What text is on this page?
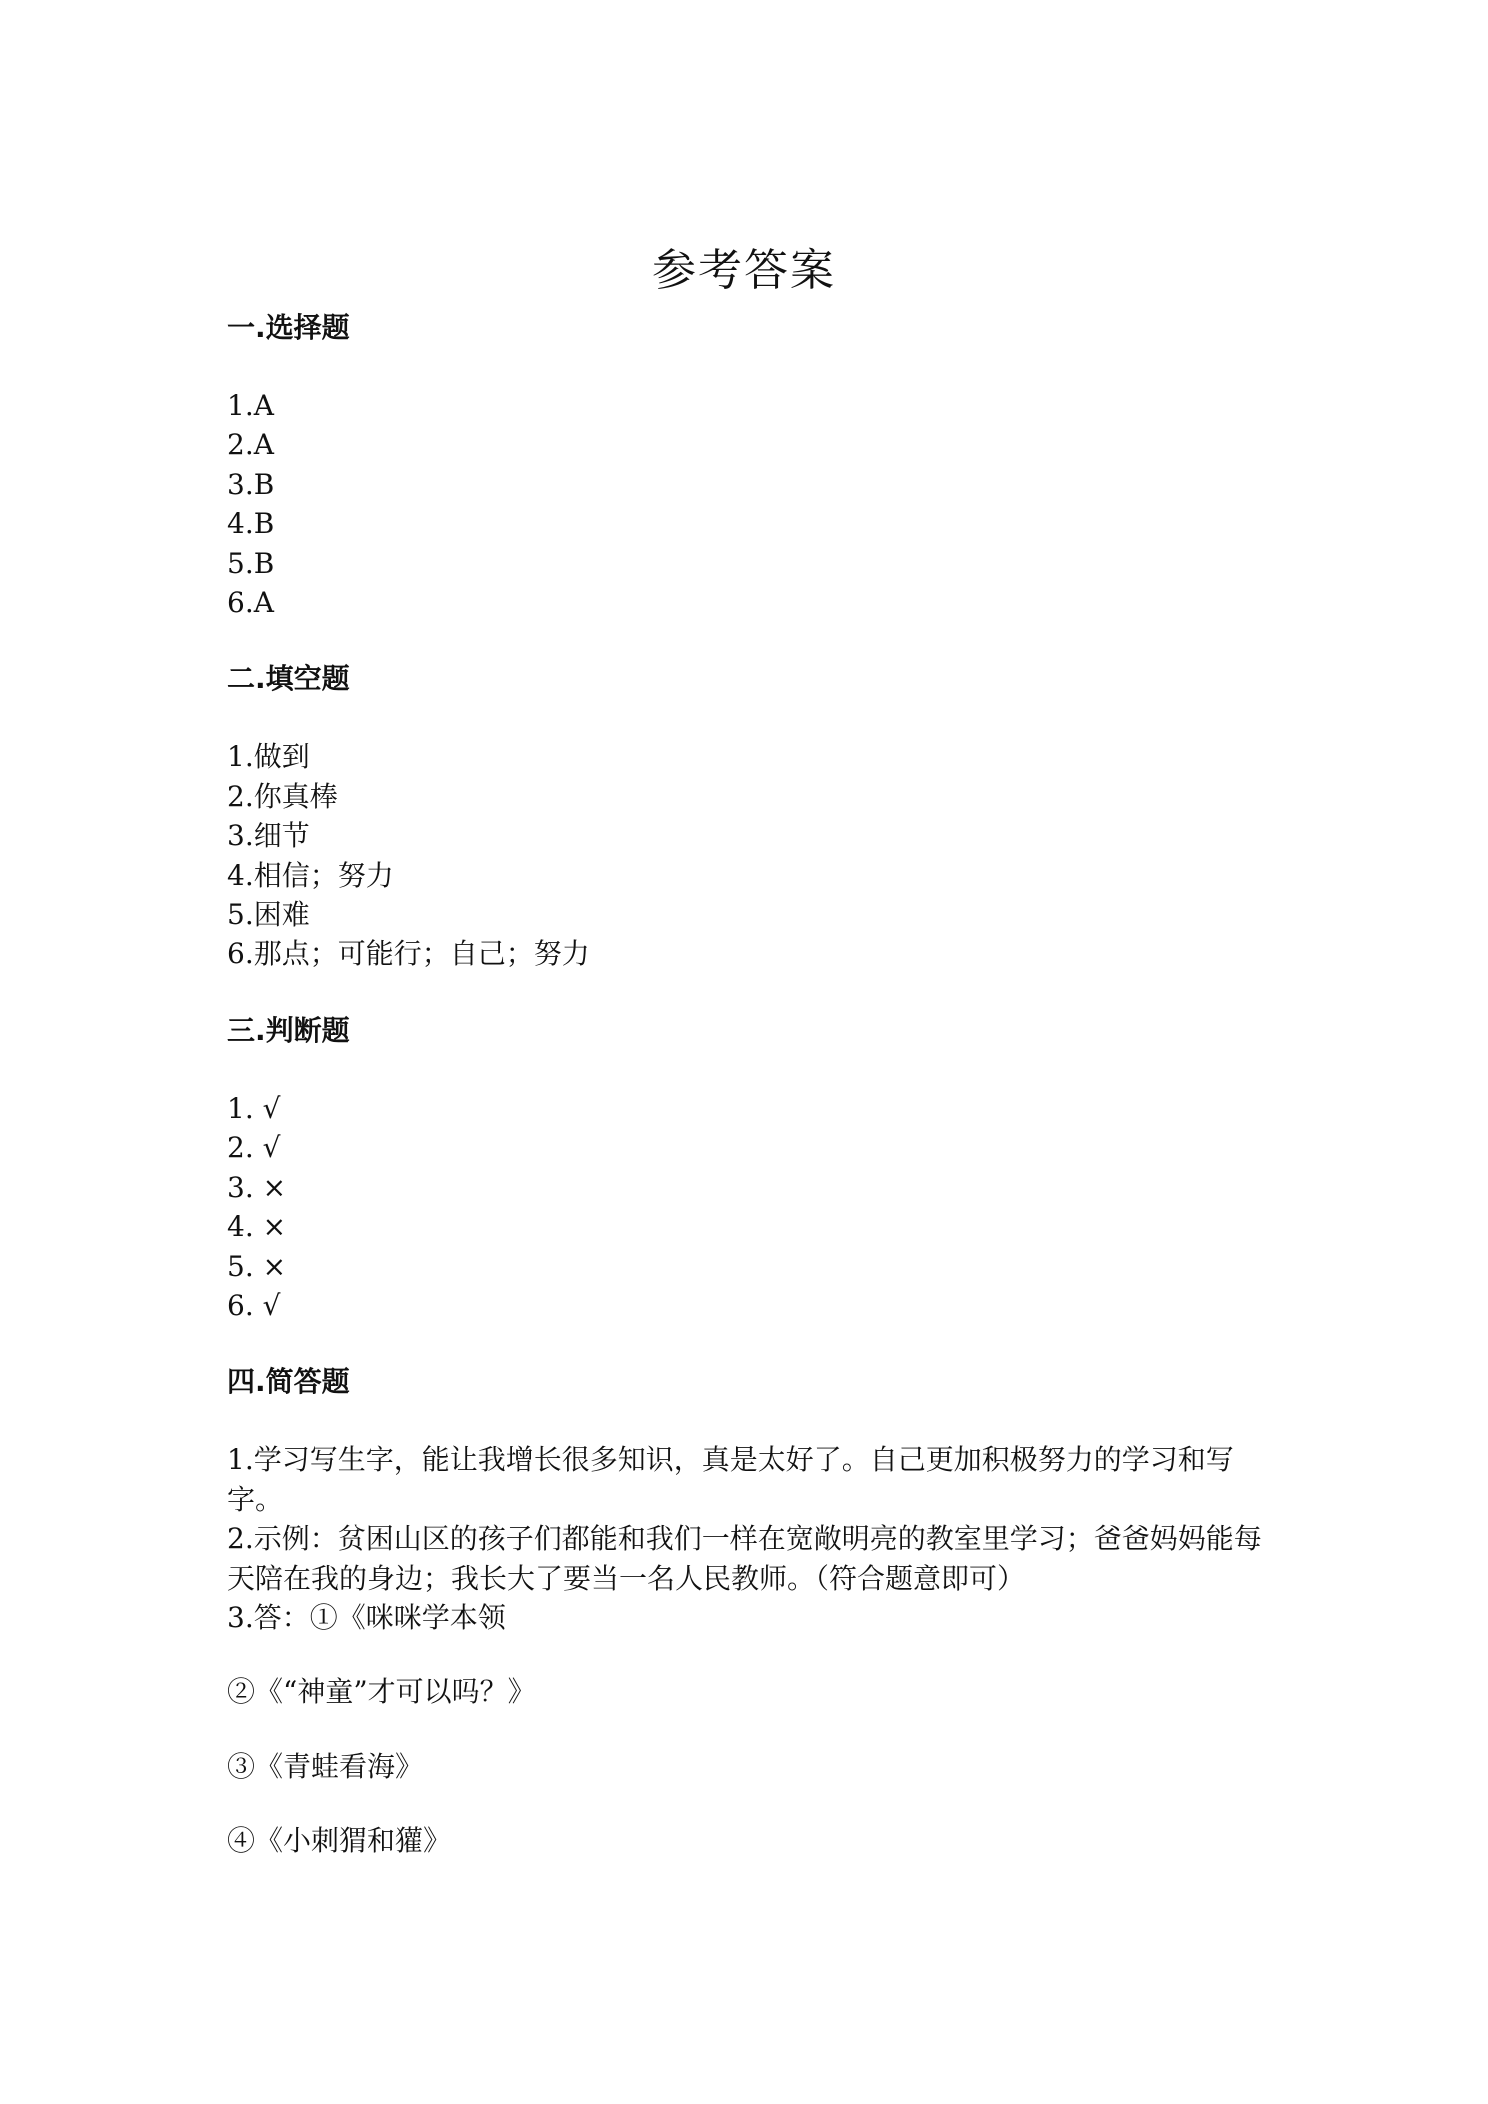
参考答案
一.选择题
1.A
2.A
3.B
4.B
5.B
6.A
二.填空题
1.做到
2.你真棒
3.细节
4.相信；努力
5.困难
6.那点；可能行；自己；努力
三.判断题
1. √
2. √
3. ×
4. ×
5. ×
6. √
四.简答题

1.学习写生字，能让我增长很多知识，真是太好了。自己更加积极努力的学习和写字。

2.示例：贫困山区的孩子们都能和我们一样在宽敞明亮的教室里学习；爸爸妈妈能每天陪在我的身边；我长大了要当一名人民教师。（符合题意即可）

3.答：①《咪咪学本领

②《“神童”才可以吗？》

③《青蛙看海》

④《小刺猬和獾》
